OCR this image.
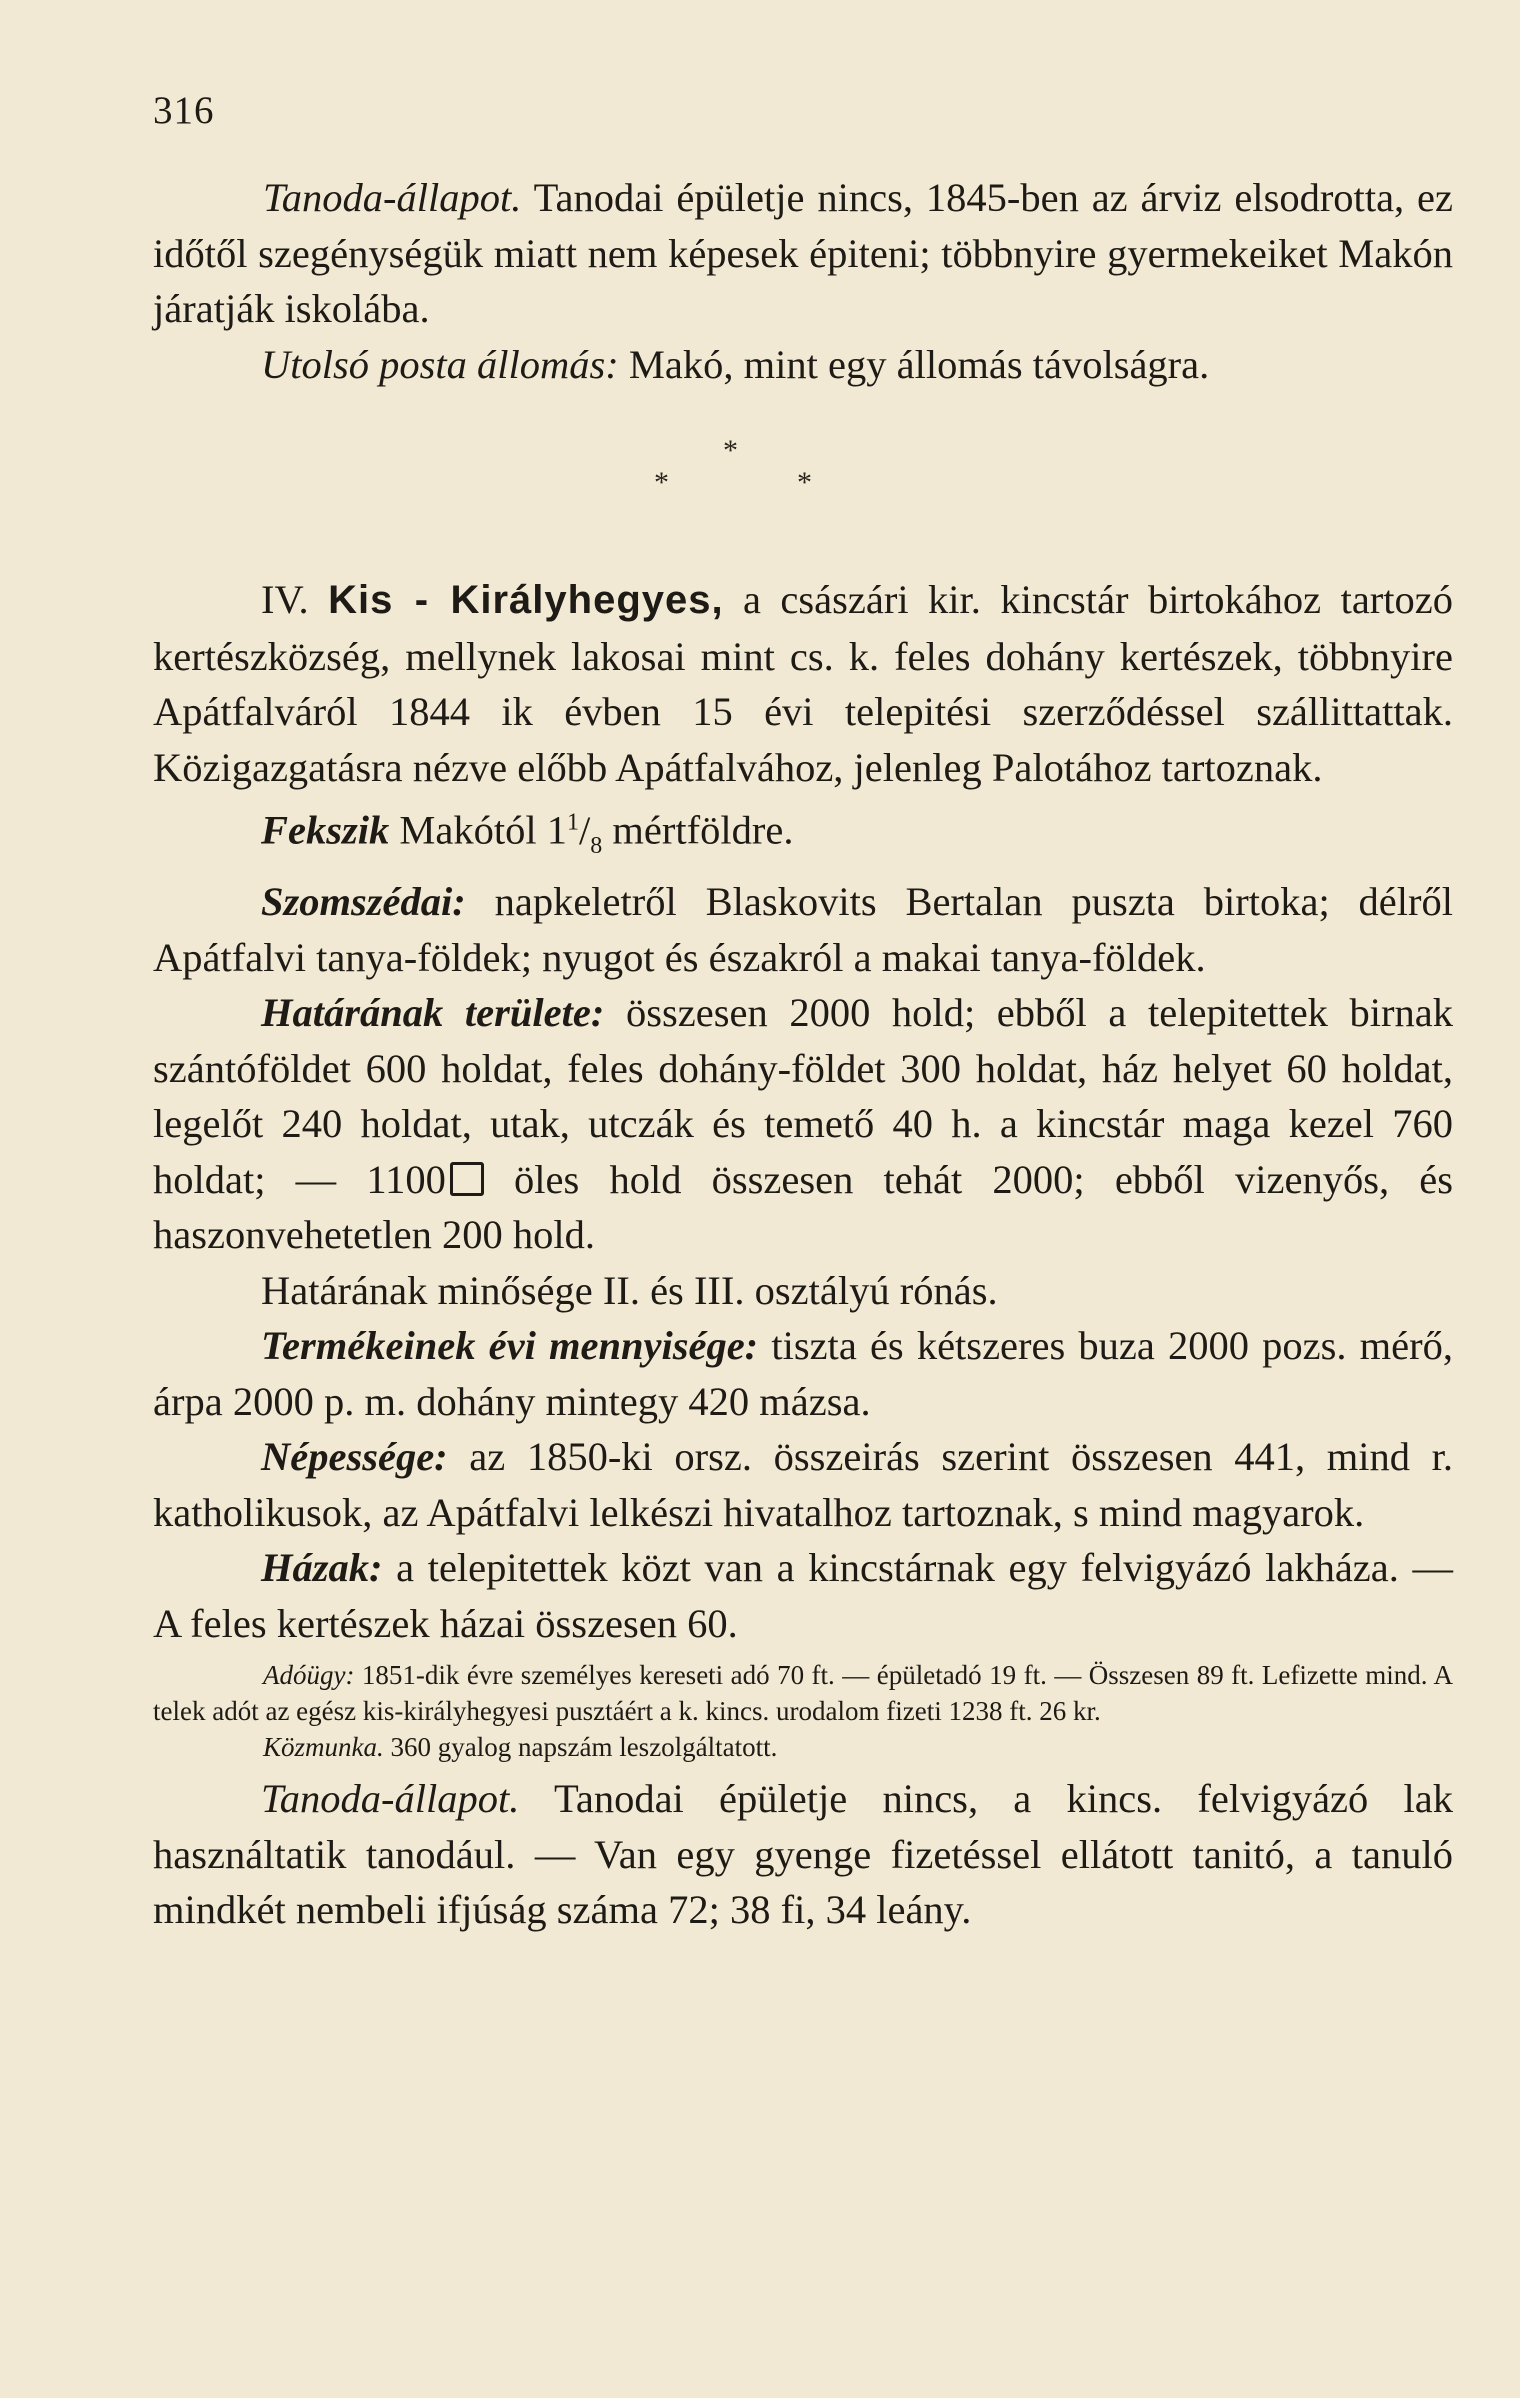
316

Tanoda-állapot. Tanodai épületje nincs, 1845-ben az árviz elsodrotta, ez időtől szegénységük miatt nem képesek épiteni; többnyire gyermekeiket Makón járatják iskolába.

Utolsó posta állomás: Makó, mint egy állomás távolságra.

*
*	*

IV. Kis - Királyhegyes, a császári kir. kincstár birtokához tartozó kertészközség, mellynek lakosai mint cs. k. feles dohány kertészek, többnyire Apátfalváról 1844 ik évben 15 évi telepitési szerződéssel szállittattak. Közigazgatásra nézve előbb Apátfalvához, jelenleg Palotához tartoznak.

Fekszik Makótól $1^1/_8$ mértföldre.

Szomszédai: napkeletről Blaskovits Bertalan puszta birtoka; délről Apátfalvi tanya-földek; nyugot és északról a makai tanya-földek.

Határának területe: összesen 2000 hold; ebből a telepitettek birnak szántóföldet 600 holdat, feles dohány-földet 300 holdat, ház helyet 60 holdat, legelőt 240 holdat, utak, utczák és temető 40 h. a kincstár maga kezel 760 holdat; — 1100 öles hold összesen tehát 2000; ebből vizenyős, és haszonvehetetlen 200 hold.

Határának minősége II. és III. osztályú rónás.

Termékeinek évi mennyisége: tiszta és kétszeres buza 2000 pozs. mérő, árpa 2000 p. m. dohány mintegy 420 mázsa.

Népessége: az 1850-ki orsz. összeirás szerint összesen 441, mind r. katholikusok, az Apátfalvi lelkészi hivatalhoz tartoznak, s mind magyarok.

Házak: a telepitettek közt van a kincstárnak egy felvigyázó lakháza. — A feles kertészek házai összesen 60.

Adóügy: 1851-dik évre személyes kereseti adó 70 ft. — épületadó 19 ft. — Összesen 89 ft. Lefizette mind. A telek adót az egész kis-királyhegyesi pusztáért a k. kincs. urodalom fizeti 1238 ft. 26 kr.

Közmunka. 360 gyalog napszám leszolgáltatott.

Tanoda-állapot. Tanodai épületje nincs, a kincs. felvigyázó lak használtatik tanodául. — Van egy gyenge fizetéssel ellátott tanitó, a tanuló mindkét nembeli ifjúság száma 72; 38 fi, 34 leány.
